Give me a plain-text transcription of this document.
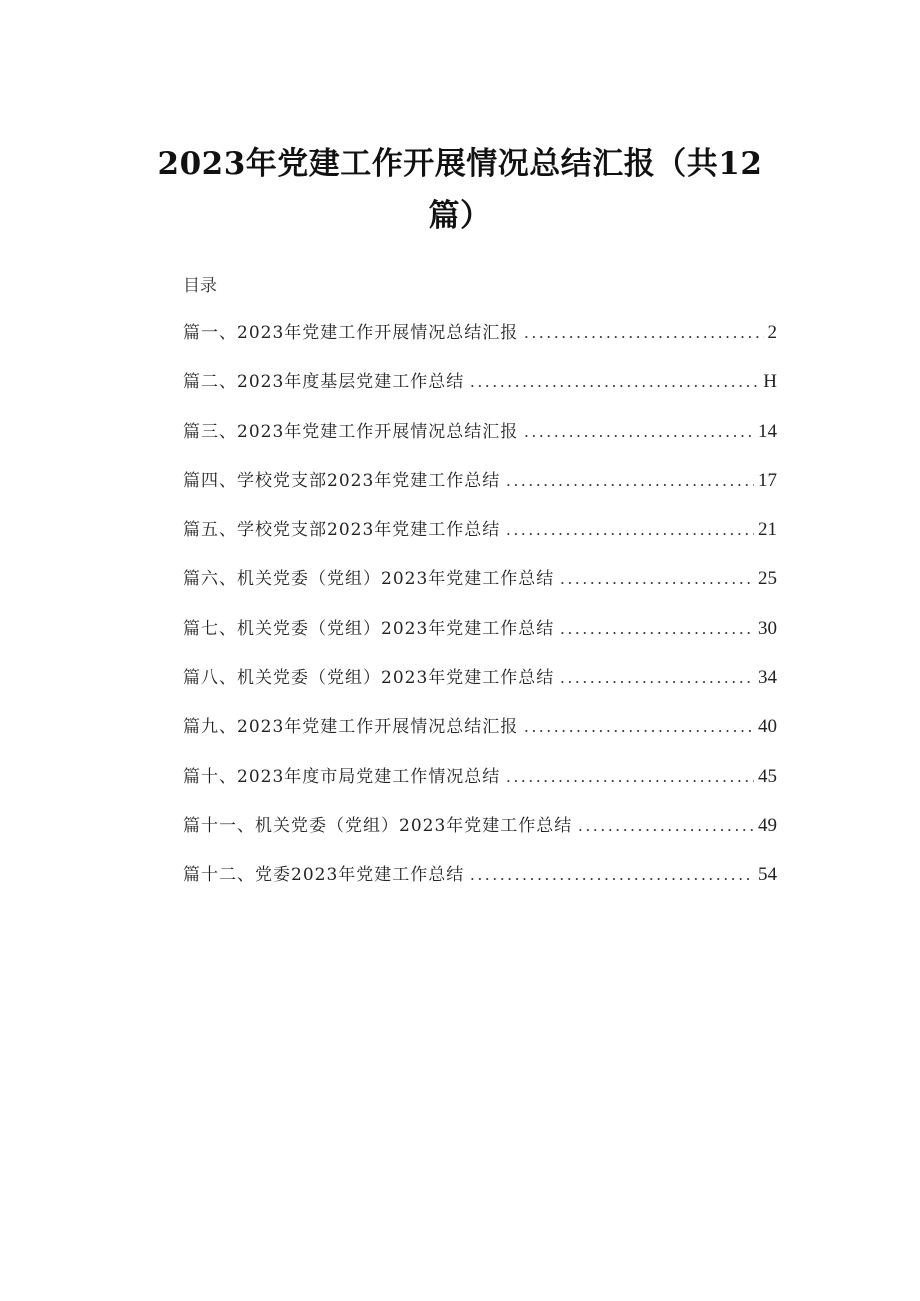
2023年党建工作开展情况总结汇报（共12篇）
目录
篇一、2023年党建工作开展情况总结汇报 .....	2
篇二、2023年度基层党建工作总结 .....	H
篇三、2023年党建工作开展情况总结汇报 .....	14
篇四、学校党支部2023年党建工作总结 .....	17
篇五、学校党支部2023年党建工作总结 .....	21
篇六、机关党委（党组）2023年党建工作总结 .....	25
篇七、机关党委（党组）2023年党建工作总结 .....	30
篇八、机关党委（党组）2023年党建工作总结 .....	34
篇九、2023年党建工作开展情况总结汇报 .....	40
篇十、2023年度市局党建工作情况总结 .....	45
篇十一、机关党委（党组）2023年党建工作总结 .....	49
篇十二、党委2023年党建工作总结 .....	54
